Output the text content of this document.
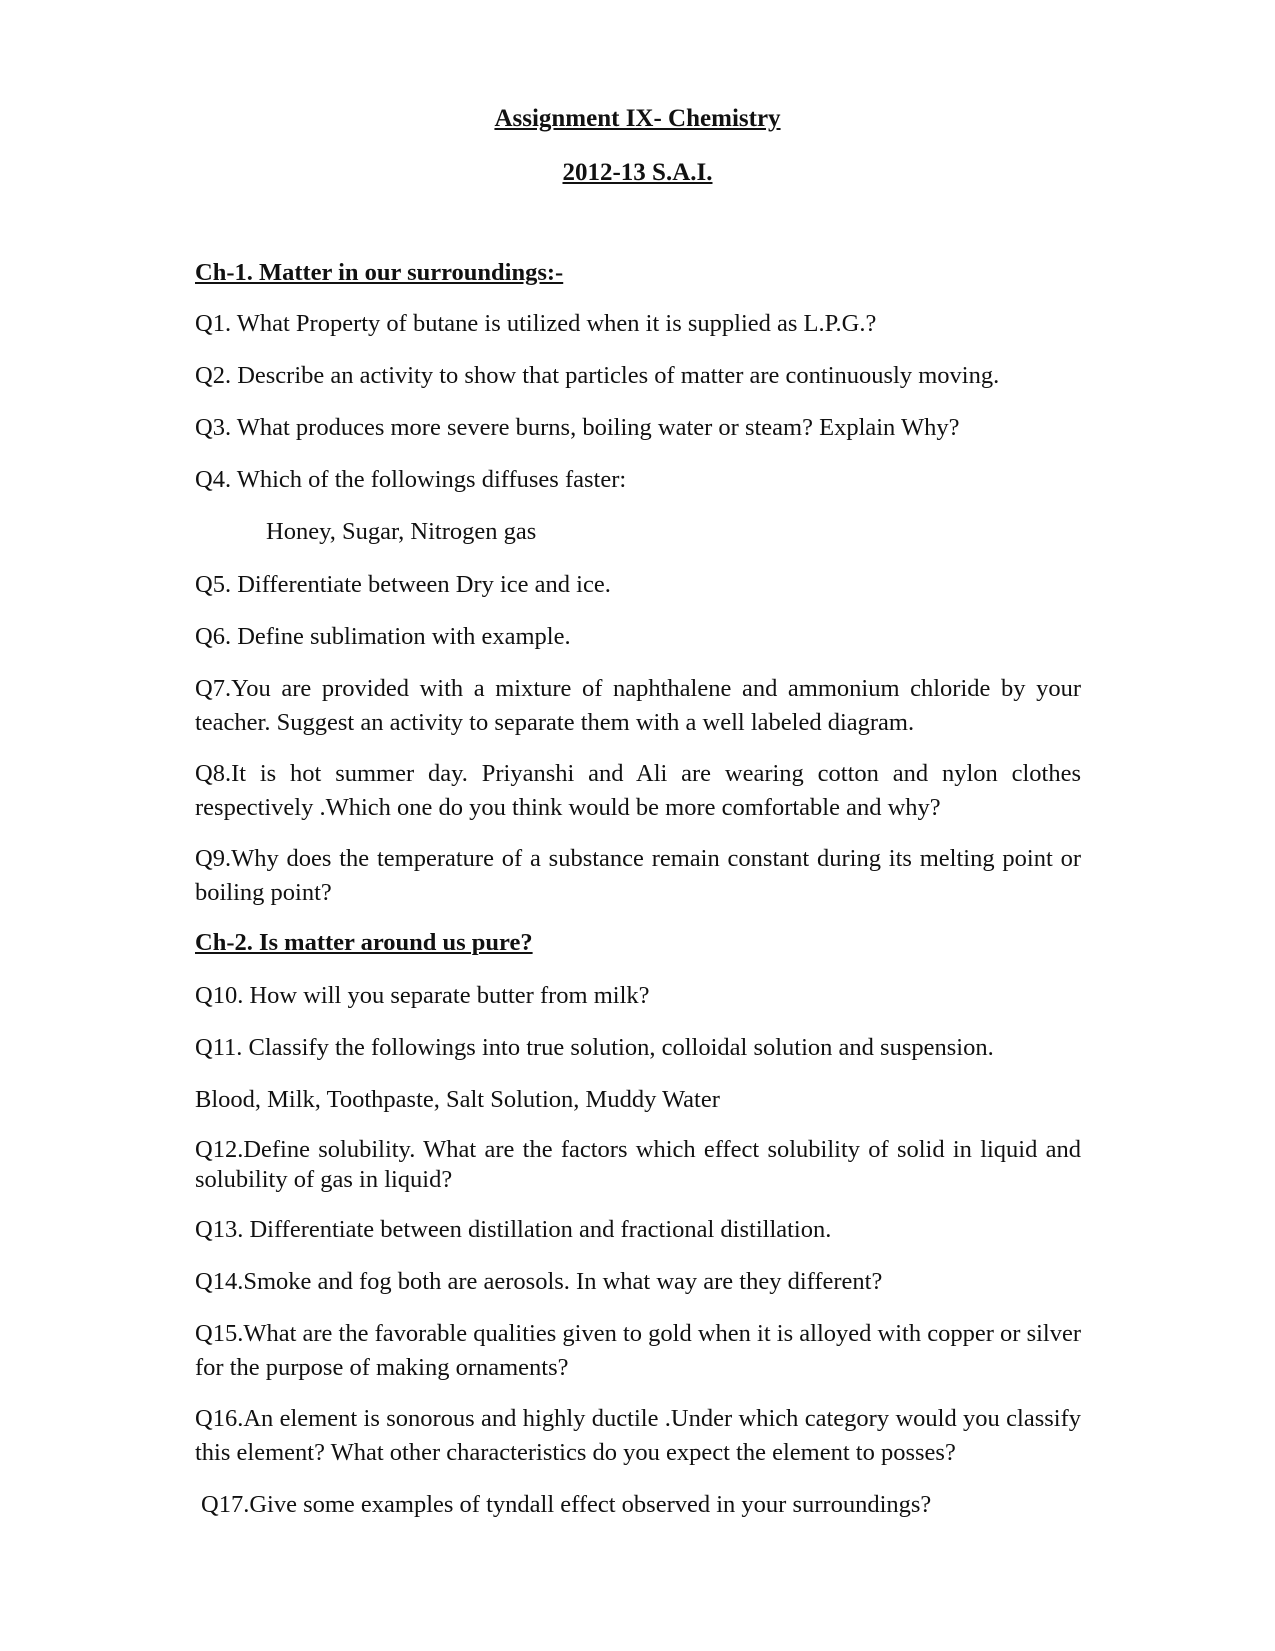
Assignment IX- Chemistry
2012-13 S.A.I.

Ch-1. Matter in our surroundings:-

Q1. What Property of butane is utilized when it is supplied as L.P.G.?

Q2. Describe an activity to show that particles of matter are continuously moving.

Q3. What produces more severe burns, boiling water or steam? Explain Why?

Q4. Which of the followings diffuses faster:

Honey, Sugar, Nitrogen gas

Q5. Differentiate between Dry ice and ice.

Q6. Define sublimation with example.

Q7.You are provided with a mixture of naphthalene and ammonium chloride by your teacher. Suggest an activity to separate them with a well labeled diagram.

Q8.It is hot summer day. Priyanshi and Ali are wearing cotton and nylon clothes respectively .Which one do you think would be more comfortable and why?

Q9.Why does the temperature of a substance remain constant during its melting point or boiling point?

Ch-2. Is matter around us pure?

Q10. How will you separate butter from milk?

Q11. Classify the followings into true solution, colloidal solution and suspension.

Blood, Milk, Toothpaste, Salt Solution, Muddy Water

Q12.Define solubility. What are the factors which effect solubility of solid in liquid and solubility of gas in liquid?

Q13. Differentiate between distillation and fractional distillation.

Q14.Smoke and fog both are aerosols. In what way are they different?

Q15.What are the favorable qualities given to gold when it is alloyed with copper or silver for the purpose of making ornaments?

Q16.An element is sonorous and highly ductile .Under which category would you classify this element? What other characteristics do you expect the element to posses?

Q17.Give some examples of tyndall effect observed in your surroundings?
